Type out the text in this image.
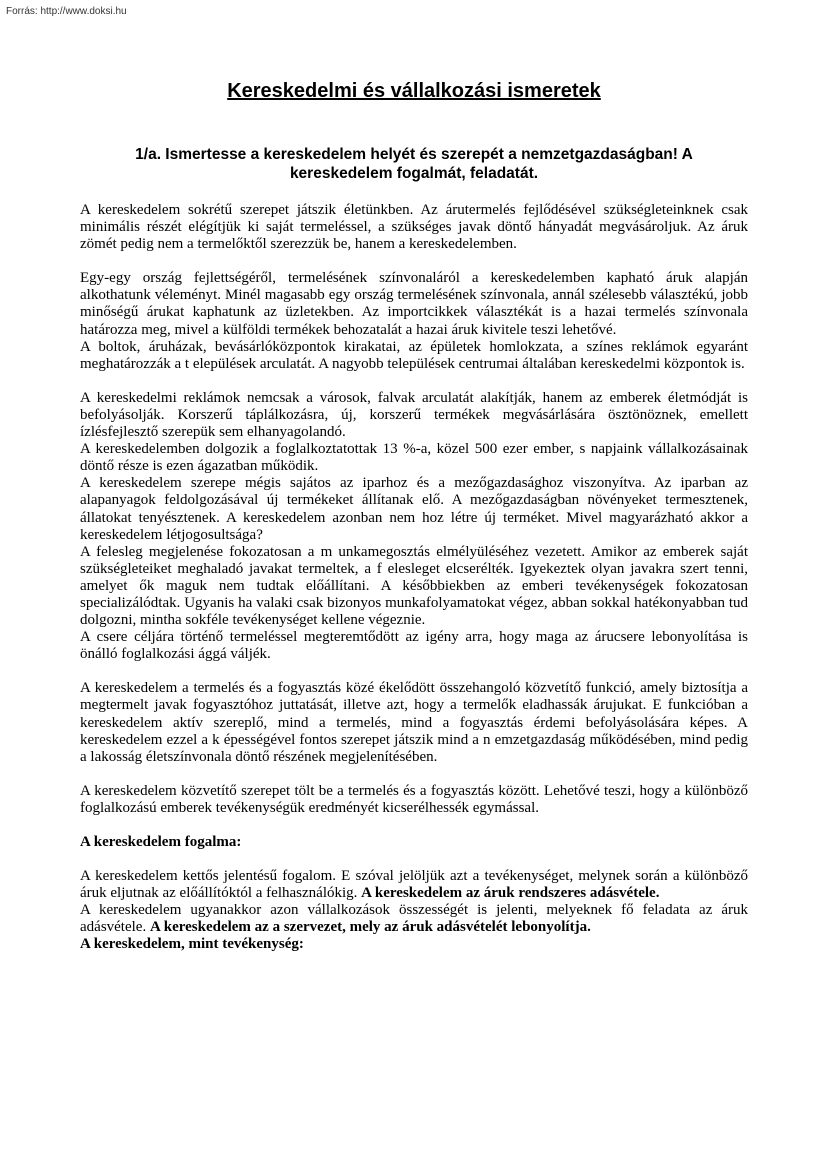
Forrás: http://www.doksi.hu
Kereskedelmi és vállalkozási ismeretek
1/a. Ismertesse a kereskedelem helyét és szerepét a nemzetgazdaságban! A kereskedelem fogalmát, feladatát.

A kereskedelem sokrétű szerepet játszik életünkben. Az árutermelés fejlődésével szükségleteinknek csak minimális részét elégítjük ki saját termeléssel, a szükséges javak döntő hányadát megvásároljuk. Az áruk zömét pedig nem a termelőktől szerezzük be, hanem a kereskedelemben.

Egy-egy ország fejlettségéről, termelésének színvonaláról a kereskedelemben kapható áruk alapján alkothatunk véleményt. Minél magasabb egy ország termelésének színvonala, annál szélesebb választékú, jobb minőségű árukat kaphatunk az üzletekben. Az importcikkek választékát is a hazai termelés színvonala határozza meg, mivel a külföldi termékek behozatalát a hazai áruk kivitele teszi lehetővé.

A boltok, áruházak, bevásárlóközpontok kirakatai, az épületek homlokzata, a színes reklámok egyaránt meghatározzák a t elepülések arculatát. A nagyobb települések centrumai általában kereskedelmi központok is.

A kereskedelmi reklámok nemcsak a városok, falvak arculatát alakítják, hanem az emberek életmódját is befolyásolják. Korszerű táplálkozásra, új, korszerű termékek megvásárlására ösztönöznek, emellett ízlésfejlesztő szerepük sem elhanyagolandó.

A kereskedelemben dolgozik a foglalkoztatottak 13 %-a, közel 500 ezer ember, s napjaink vállalkozásainak döntő része is ezen ágazatban működik.

A kereskedelem szerepe mégis sajátos az iparhoz és a mezőgazdasághoz viszonyítva. Az iparban az alapanyagok feldolgozásával új termékeket állítanak elő. A mezőgazdaságban növényeket termesztenek, állatokat tenyésztenek. A kereskedelem azonban nem hoz létre új terméket. Mivel magyarázható akkor a kereskedelem létjogosultsága?

A felesleg megjelenése fokozatosan a m unkamegosztás elmélyüléséhez vezetett. Amikor az emberek saját szükségleteiket meghaladó javakat termeltek, a f elesleget elcserélték. Igyekeztek olyan javakra szert tenni, amelyet ők maguk nem tudtak előállítani. A későbbiekben az emberi tevékenységek fokozatosan specializálódtak. Ugyanis ha valaki csak bizonyos munkafolyamatokat végez, abban sokkal hatékonyabban tud dolgozni, mintha sokféle tevékenységet kellene végeznie.

A csere céljára történő termeléssel megteremtődött az igény arra, hogy maga az árucsere lebonyolítása is önálló foglalkozási ággá váljék.

A kereskedelem a termelés és a fogyasztás közé ékelődött összehangoló közvetítő funkció, amely biztosítja a megtermelt javak fogyasztóhoz juttatását, illetve azt, hogy a termelők eladhassák árujukat. E funkcióban a kereskedelem aktív szereplő, mind a termelés, mind a fogyasztás érdemi befolyásolására képes. A kereskedelem ezzel a k épességével fontos szerepet játszik mind a n emzetgazdaság működésében, mind pedig a lakosság életszínvonala döntő részének megjelenítésében.

A kereskedelem közvetítő szerepet tölt be a termelés és a fogyasztás között. Lehetővé teszi, hogy a különböző foglalkozású emberek tevékenységük eredményét kicserélhessék egymással.

A kereskedelem fogalma:

A kereskedelem kettős jelentésű fogalom. E szóval jelöljük azt a tevékenységet, melynek során a különböző áruk eljutnak az előállítóktól a felhasználókig. A kereskedelem az áruk rendszeres adásvétele.

A kereskedelem ugyanakkor azon vállalkozások összességét is jelenti, melyeknek fő feladata az áruk adásvétele. A kereskedelem az a szervezet, mely az áruk adásvételét lebonyolítja.

A kereskedelem, mint tevékenység:
